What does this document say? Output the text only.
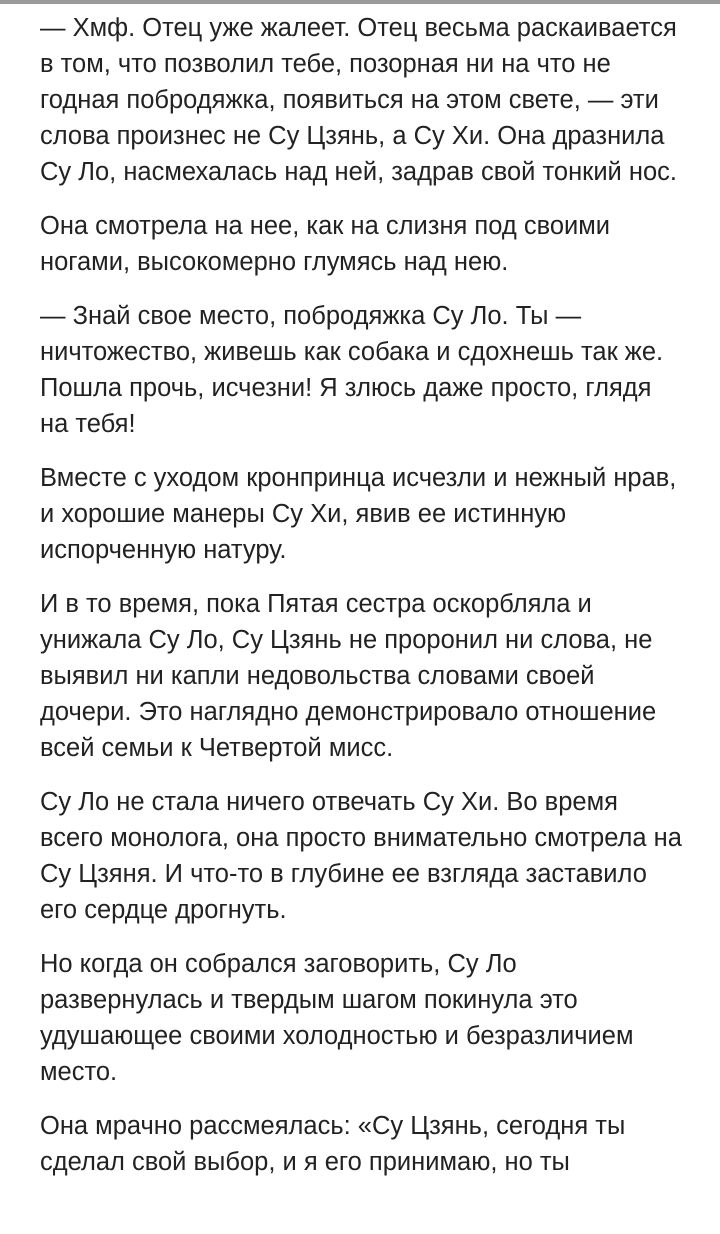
— Хмф. Отец уже жалеет. Отец весьма раскаивается в том, что позволил тебе, позорная ни на что не годная побродяжка, появиться на этом свете, — эти слова произнес не Су Цзянь, а Су Хи. Она дразнила Су Ло, насмехалась над ней, задрав свой тонкий нос.

Она смотрела на нее, как на слизня под своими ногами, высокомерно глумясь над нею.

— Знай свое место, побродяжка Су Ло. Ты — ничтожество, живешь как собака и сдохнешь так же. Пошла прочь, исчезни! Я злюсь даже просто, глядя на тебя!

Вместе с уходом кронпринца исчезли и нежный нрав, и хорошие манеры Су Хи, явив ее истинную испорченную натуру.

И в то время, пока Пятая сестра оскорбляла и унижала Су Ло, Су Цзянь не проронил ни слова, не выявил ни капли недовольства словами своей дочери. Это наглядно демонстрировало отношение всей семьи к Четвертой мисс.

Су Ло не стала ничего отвечать Су Хи. Во время всего монолога, она просто внимательно смотрела на Су Цзяня. И что-то в глубине ее взгляда заставило его сердце дрогнуть.

Но когда он собрался заговорить, Су Ло развернулась и твердым шагом покинула это удушающее своими холодностью и безразличием место.

Она мрачно рассмеялась: «Су Цзянь, сегодня ты сделал свой выбор, и я его принимаю, но ты
